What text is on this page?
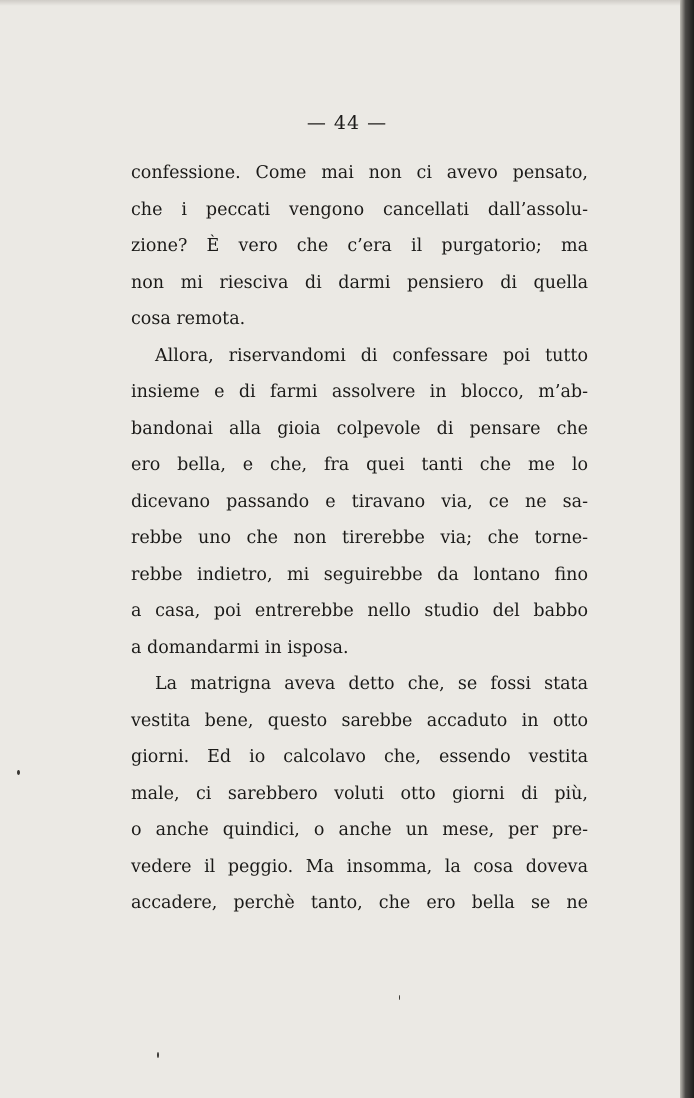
— 44 —
confessione. Come mai non ci avevo pensato,
che i peccati vengono cancellati dall’assolu-
zione? È vero che c’era il purgatorio; ma
non mi riesciva di darmi pensiero di quella
cosa remota.
Allora, riservandomi di confessare poi tutto
insieme e di farmi assolvere in blocco, m’ab-
bandonai alla gioia colpevole di pensare che
ero bella, e che, fra quei tanti che me lo
dicevano passando e tiravano via, ce ne sa-
rebbe uno che non tirerebbe via; che torne-
rebbe indietro, mi seguirebbe da lontano fino
a casa, poi entrerebbe nello studio del babbo
a domandarmi in isposa.
La matrigna aveva detto che, se fossi stata
vestita bene, questo sarebbe accaduto in otto
giorni. Ed io calcolavo che, essendo vestita
male, ci sarebbero voluti otto giorni di più,
o anche quindici, o anche un mese, per pre-
vedere il peggio. Ma insomma, la cosa doveva
accadere, perchè tanto, che ero bella se ne
